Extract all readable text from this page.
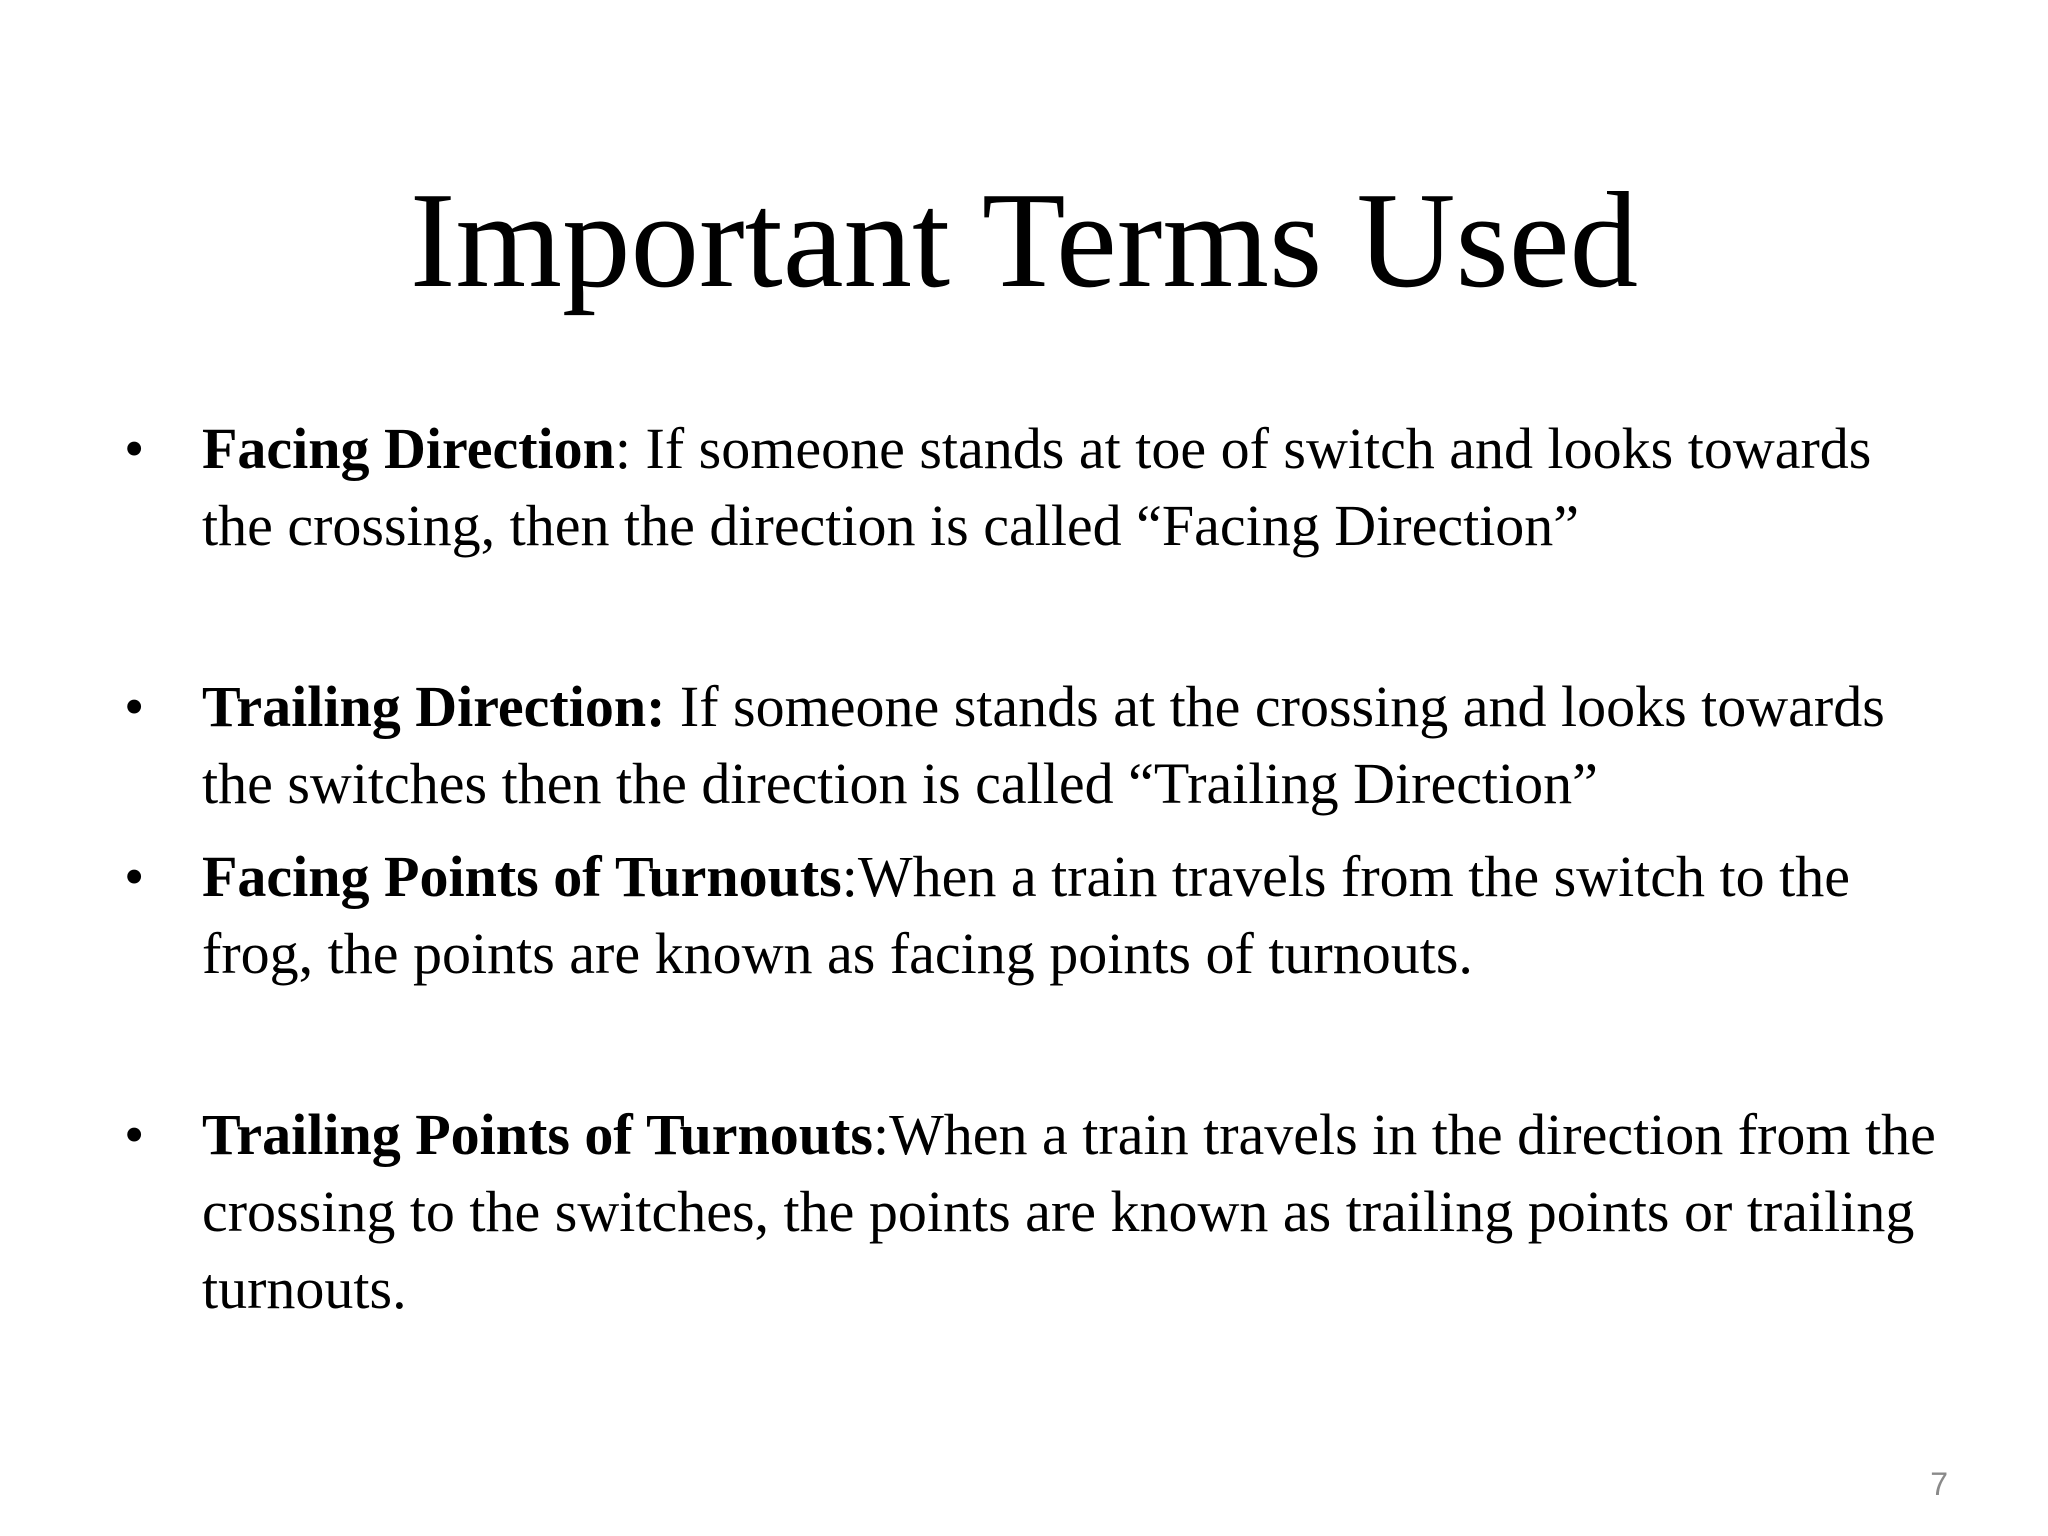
Important Terms Used
• Facing Direction: If someone stands at toe of switch and looks towards the crossing, then the direction is called “Facing Direction”
• Trailing Direction: If someone stands at the crossing and looks towards the switches then the direction is called “Trailing Direction”
• Facing Points of Turnouts:When a train travels from the switch to the frog, the points are known as facing points of turnouts.
• Trailing Points of Turnouts:When a train travels in the direction from the crossing to the switches, the points are known as trailing points or trailing turnouts.
7
